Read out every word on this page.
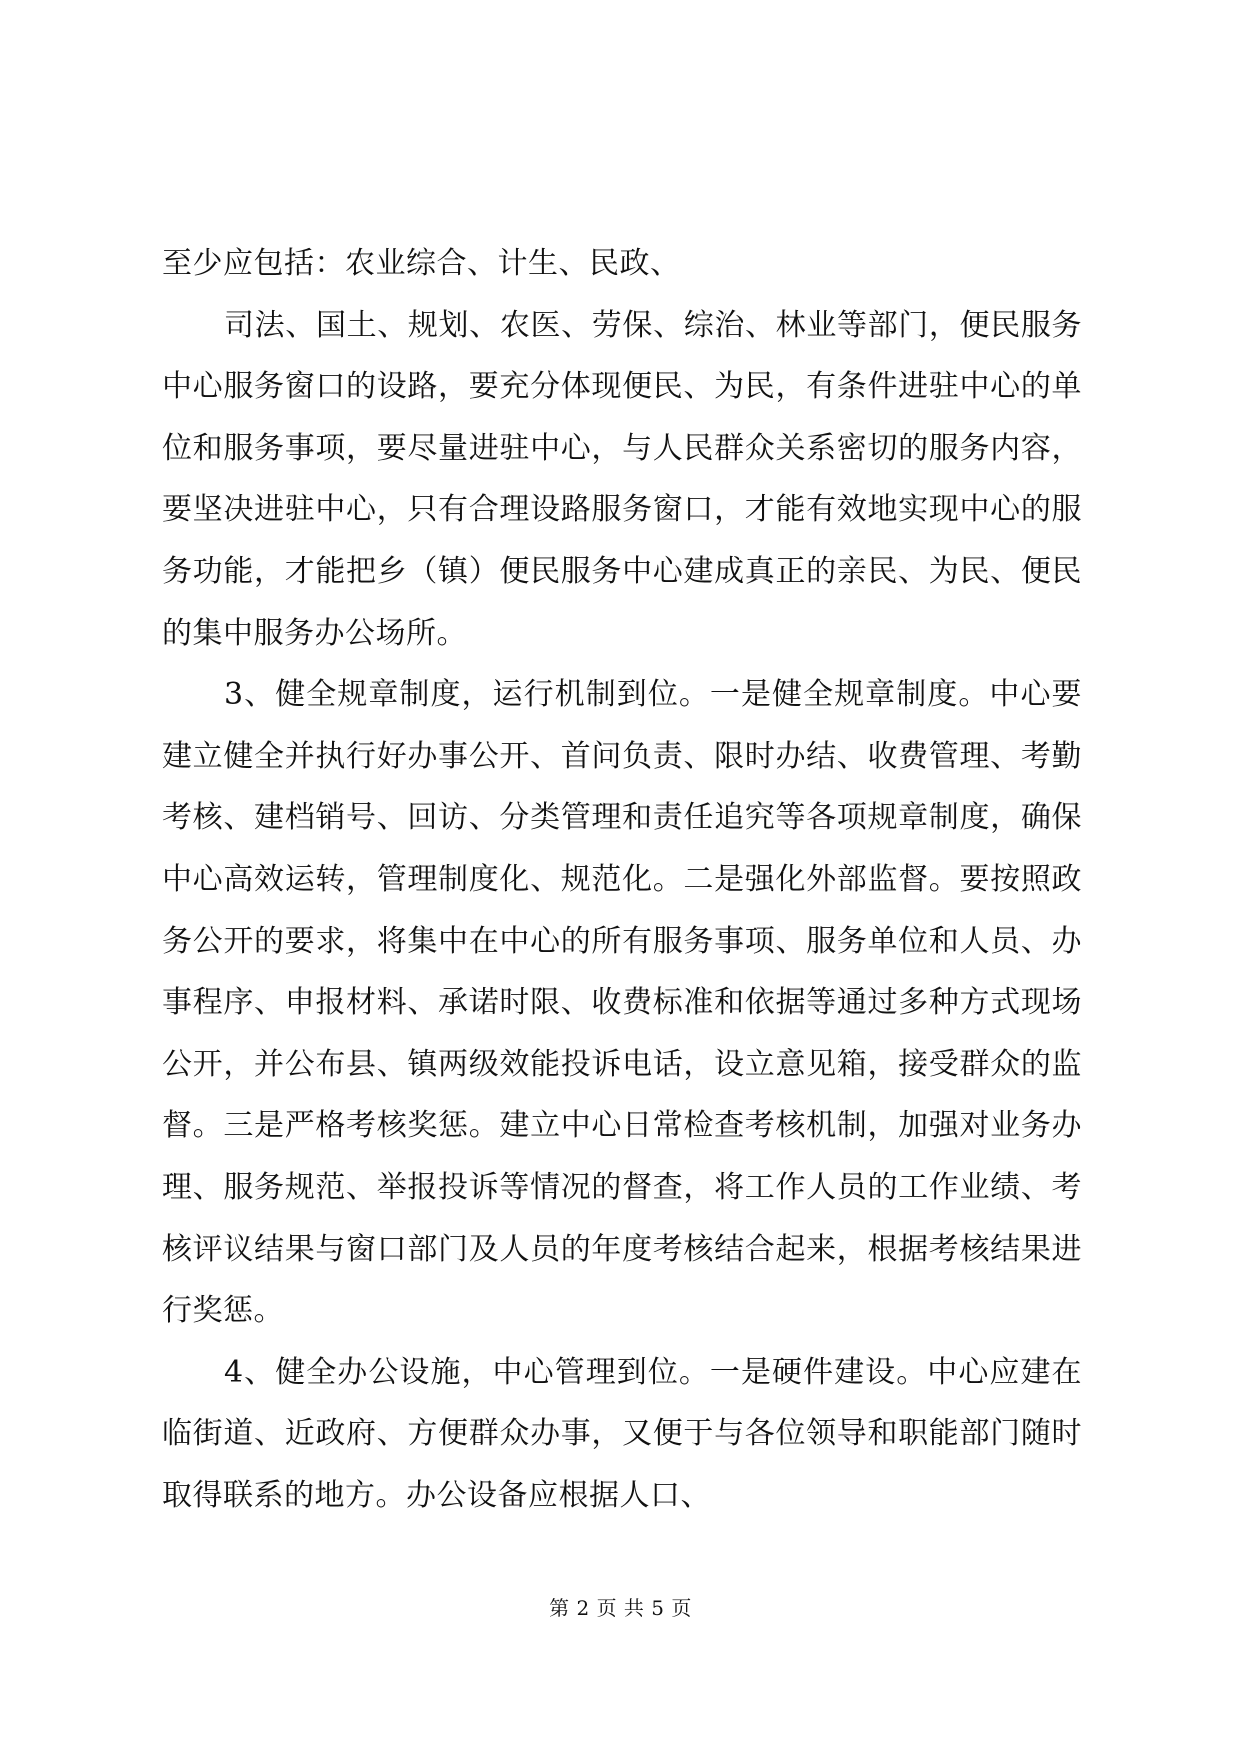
至少应包括：农业综合、计生、民政、

司法、国土、规划、农医、劳保、综治、林业等部门，便民服务中心服务窗口的设路，要充分体现便民、为民，有条件进驻中心的单位和服务事项，要尽量进驻中心，与人民群众关系密切的服务内容，要坚决进驻中心，只有合理设路服务窗口，才能有效地实现中心的服务功能，才能把乡（镇）便民服务中心建成真正的亲民、为民、便民的集中服务办公场所。

3、健全规章制度，运行机制到位。一是健全规章制度。中心要建立健全并执行好办事公开、首问负责、限时办结、收费管理、考勤考核、建档销号、回访、分类管理和责任追究等各项规章制度，确保中心高效运转，管理制度化、规范化。二是强化外部监督。要按照政务公开的要求，将集中在中心的所有服务事项、服务单位和人员、办事程序、申报材料、承诺时限、收费标准和依据等通过多种方式现场公开，并公布县、镇两级效能投诉电话，设立意见箱，接受群众的监督。三是严格考核奖惩。建立中心日常检查考核机制，加强对业务办理、服务规范、举报投诉等情况的督查，将工作人员的工作业绩、考核评议结果与窗口部门及人员的年度考核结合起来，根据考核结果进行奖惩。

4、健全办公设施，中心管理到位。一是硬件建设。中心应建在临街道、近政府、方便群众办事，又便于与各位领导和职能部门随时取得联系的地方。办公设备应根据人口、

第 2 页 共 5 页
